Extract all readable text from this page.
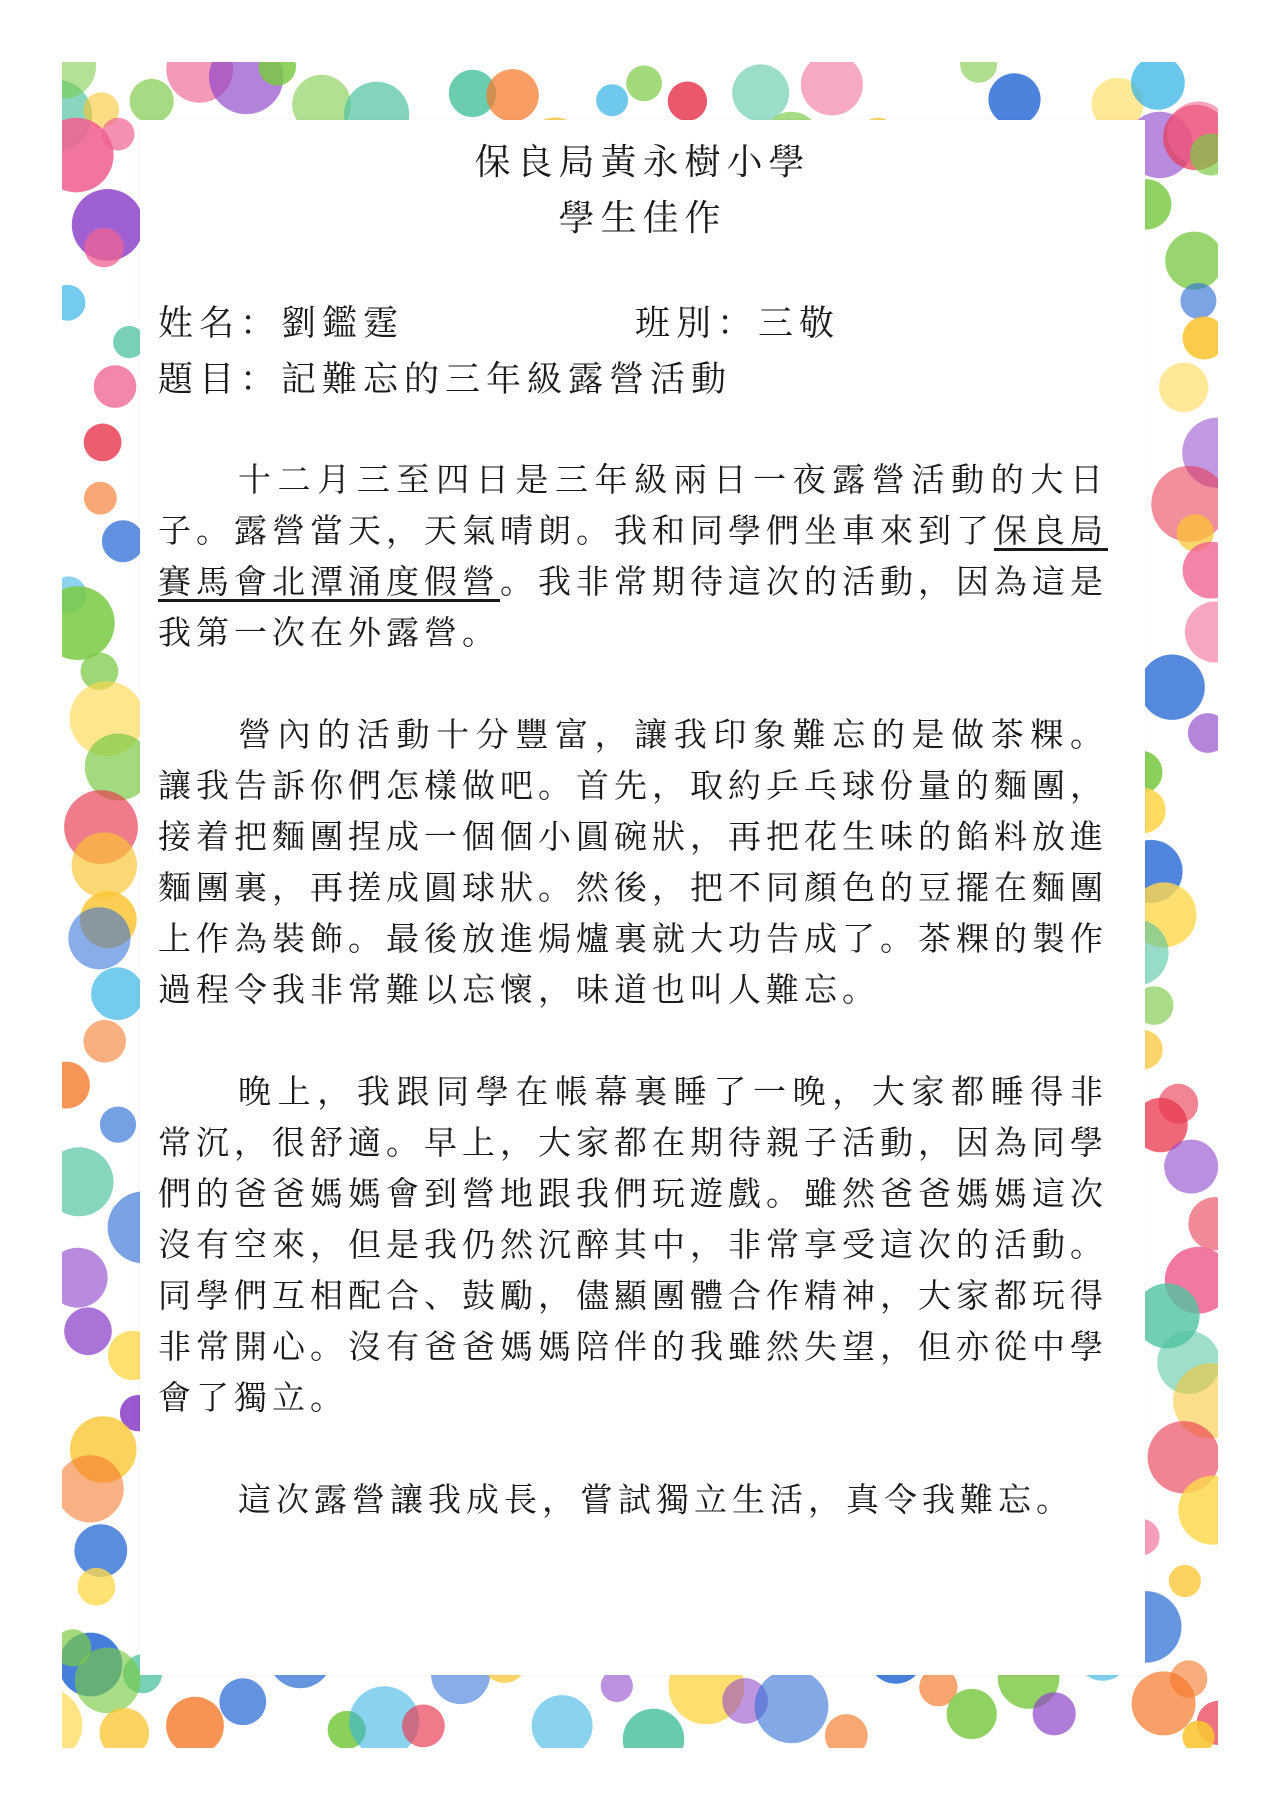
保良局黃永樹小學
學生佳作
姓名：劉鑑霆	班別：三敬
題目：記難忘的三年級露營活動

十二月三至四日是三年級兩日一夜露營活動的大日子。露營當天，天氣晴朗。我和同學們坐車來到了保良局賽馬會北潭涌度假營。我非常期待這次的活動，因為這是我第一次在外露營。

營內的活動十分豐富，讓我印象難忘的是做茶粿。讓我告訴你們怎樣做吧。首先，取約乒乓球份量的麵團，接着把麵團捏成一個個小圓碗狀，再把花生味的餡料放進麵團裏，再搓成圓球狀。然後，把不同顏色的豆擺在麵團上作為裝飾。最後放進焗爐裏就大功告成了。茶粿的製作過程令我非常難以忘懷，味道也叫人難忘。

晚上，我跟同學在帳幕裏睡了一晚，大家都睡得非常沉，很舒適。早上，大家都在期待親子活動，因為同學們的爸爸媽媽會到營地跟我們玩遊戲。雖然爸爸媽媽這次沒有空來，但是我仍然沉醉其中，非常享受這次的活動。同學們互相配合、鼓勵，儘顯團體合作精神，大家都玩得非常開心。沒有爸爸媽媽陪伴的我雖然失望，但亦從中學會了獨立。

這次露營讓我成長，嘗試獨立生活，真令我難忘。
